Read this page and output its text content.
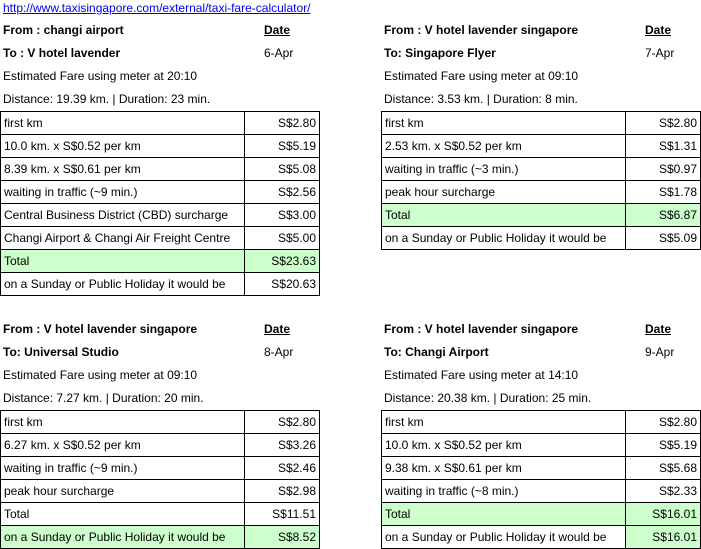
http://www.taxisingapore.com/external/taxi-fare-calculator/
From : changi airport	Date
To : V hotel lavender	6-Apr
Estimated Fare using meter at 20:10
Distance: 19.39 km. | Duration: 23 min.
first km	S$2.80
10.0 km. x S$0.52 per km	S$5.19
8.39 km. x S$0.61 per km	S$5.08
waiting in traffic (~9 min.)	S$2.56
Central Business District (CBD) surcharge	S$3.00
Changi Airport & Changi Air Freight Centre	S$5.00
Total	S$23.63
on a Sunday or Public Holiday it would be	S$20.63
From : V hotel lavender singapore	Date
To: Singapore Flyer	7-Apr
Estimated Fare using meter at 09:10
Distance: 3.53 km. | Duration: 8 min.
first km	S$2.80
2.53 km. x S$0.52 per km	S$1.31
waiting in traffic (~3 min.)	S$0.97
peak hour surcharge	S$1.78
Total	S$6.87
on a Sunday or Public Holiday it would be	S$5.09
From : V hotel lavender singapore	Date
To: Universal Studio	8-Apr
Estimated Fare using meter at 09:10
Distance: 7.27 km. | Duration: 20 min.
first km	S$2.80
6.27 km. x S$0.52 per km	S$3.26
waiting in traffic (~9 min.)	S$2.46
peak hour surcharge	S$2.98
Total	S$11.51
on a Sunday or Public Holiday it would be	S$8.52
From : V hotel lavender singapore	Date
To: Changi Airport	9-Apr
Estimated Fare using meter at 14:10
Distance: 20.38 km. | Duration: 25 min.
first km	S$2.80
10.0 km. x S$0.52 per km	S$5.19
9.38 km. x S$0.61 per km	S$5.68
waiting in traffic (~8 min.)	S$2.33
Total	S$16.01
on a Sunday or Public Holiday it would be	S$16.01
